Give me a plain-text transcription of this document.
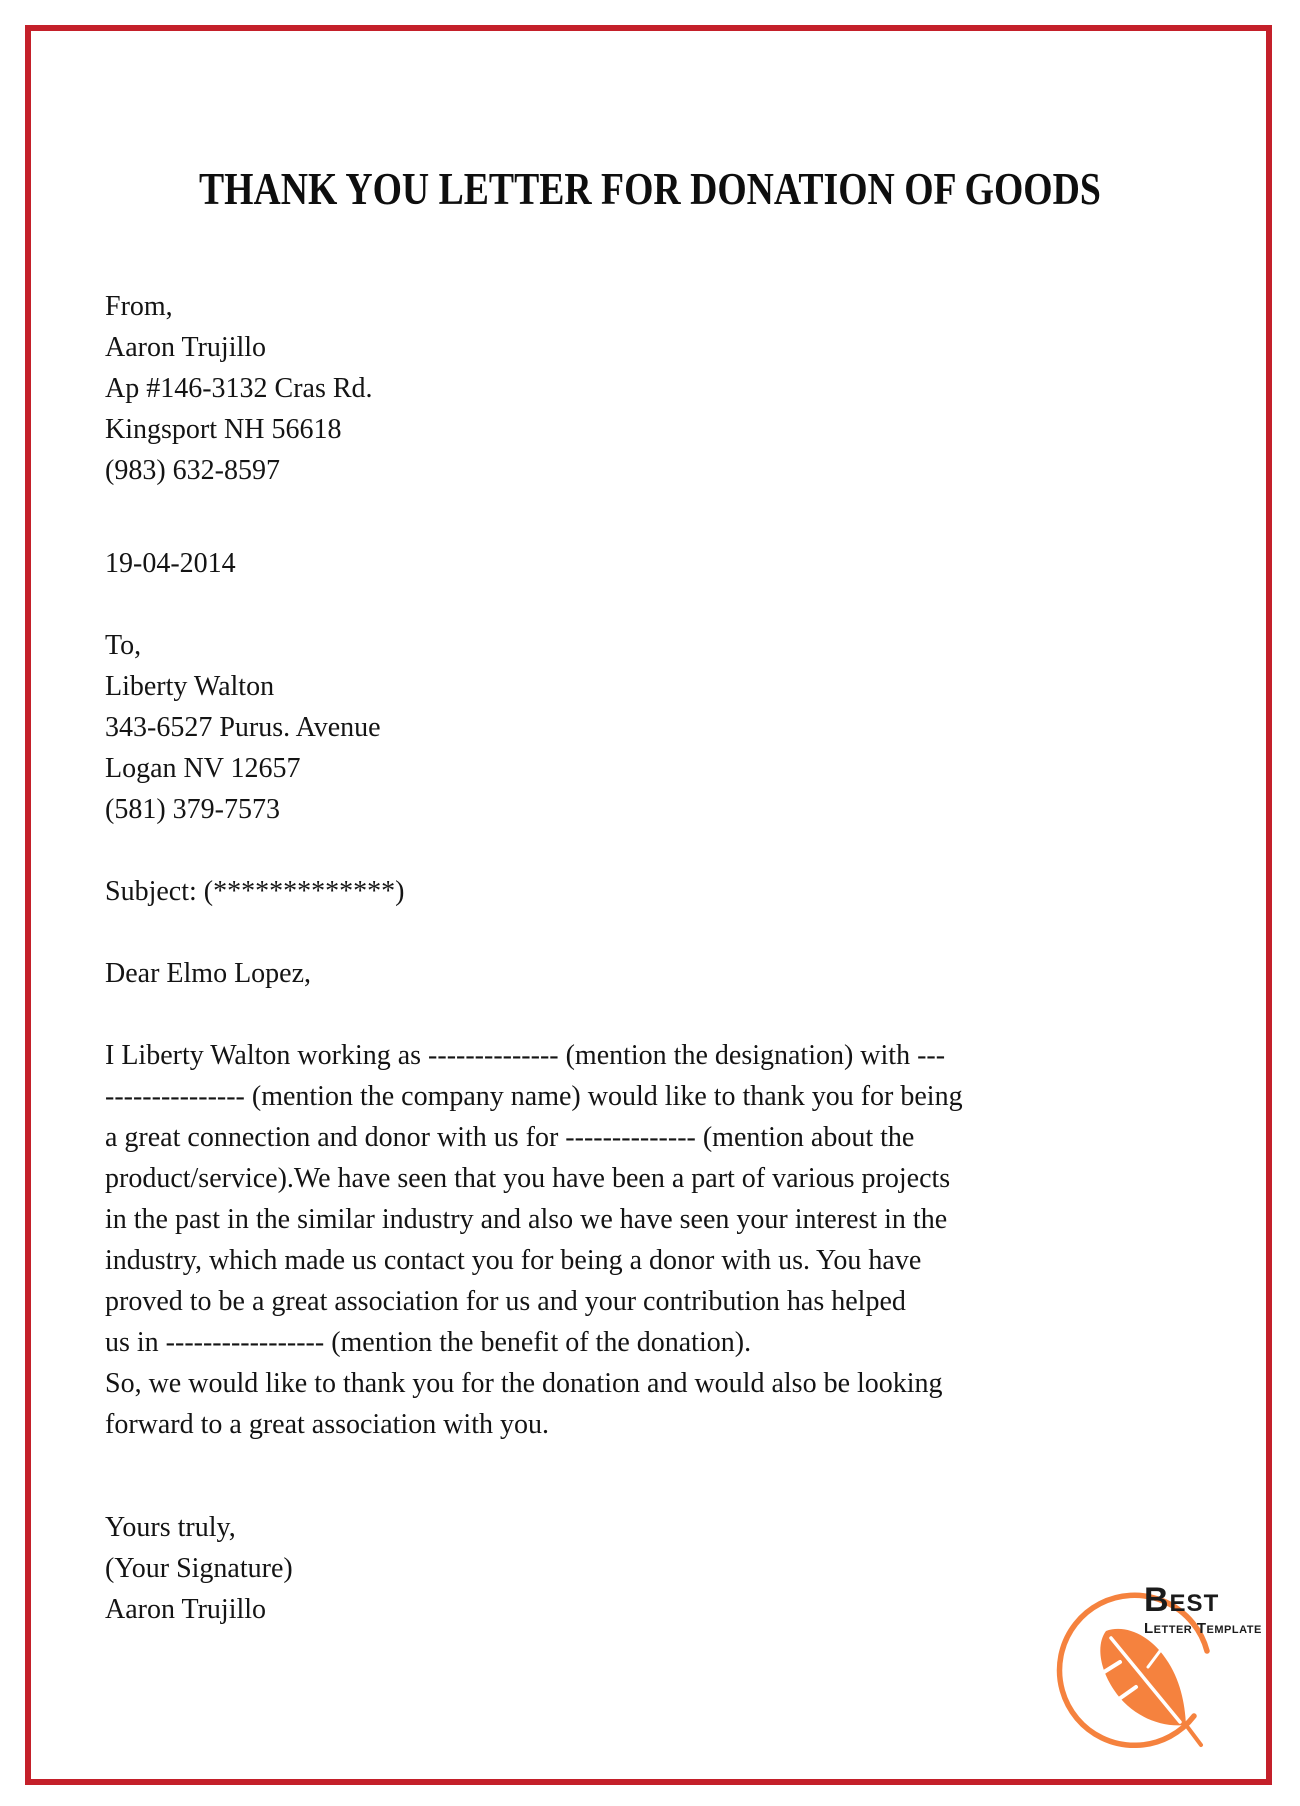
THANK YOU LETTER FOR DONATION OF GOODS
From,
Aaron Trujillo
Ap #146-3132 Cras Rd.
Kingsport NH 56618
(983) 632-8597
19-04-2014
To,
Liberty Walton
343-6527 Purus. Avenue
Logan NV 12657
(581) 379-7573
Subject: (*************)
Dear Elmo Lopez,
I Liberty Walton working as -------------- (mention the designation) with ---
--------------- (mention the company name) would like to thank you for being
a great connection and donor with us for -------------- (mention about the
product/service).We have seen that you have been a part of various projects
in the past in the similar industry and also we have seen your interest in the
industry, which made us contact you for being a donor with us. You have
proved to be a great association for us and your contribution has helped
us in ----------------- (mention the benefit of the donation).
So, we would like to thank you for the donation and would also be looking
forward to a great association with you.
Yours truly,
(Your Signature)
Aaron Trujillo	Best
Letter Template
